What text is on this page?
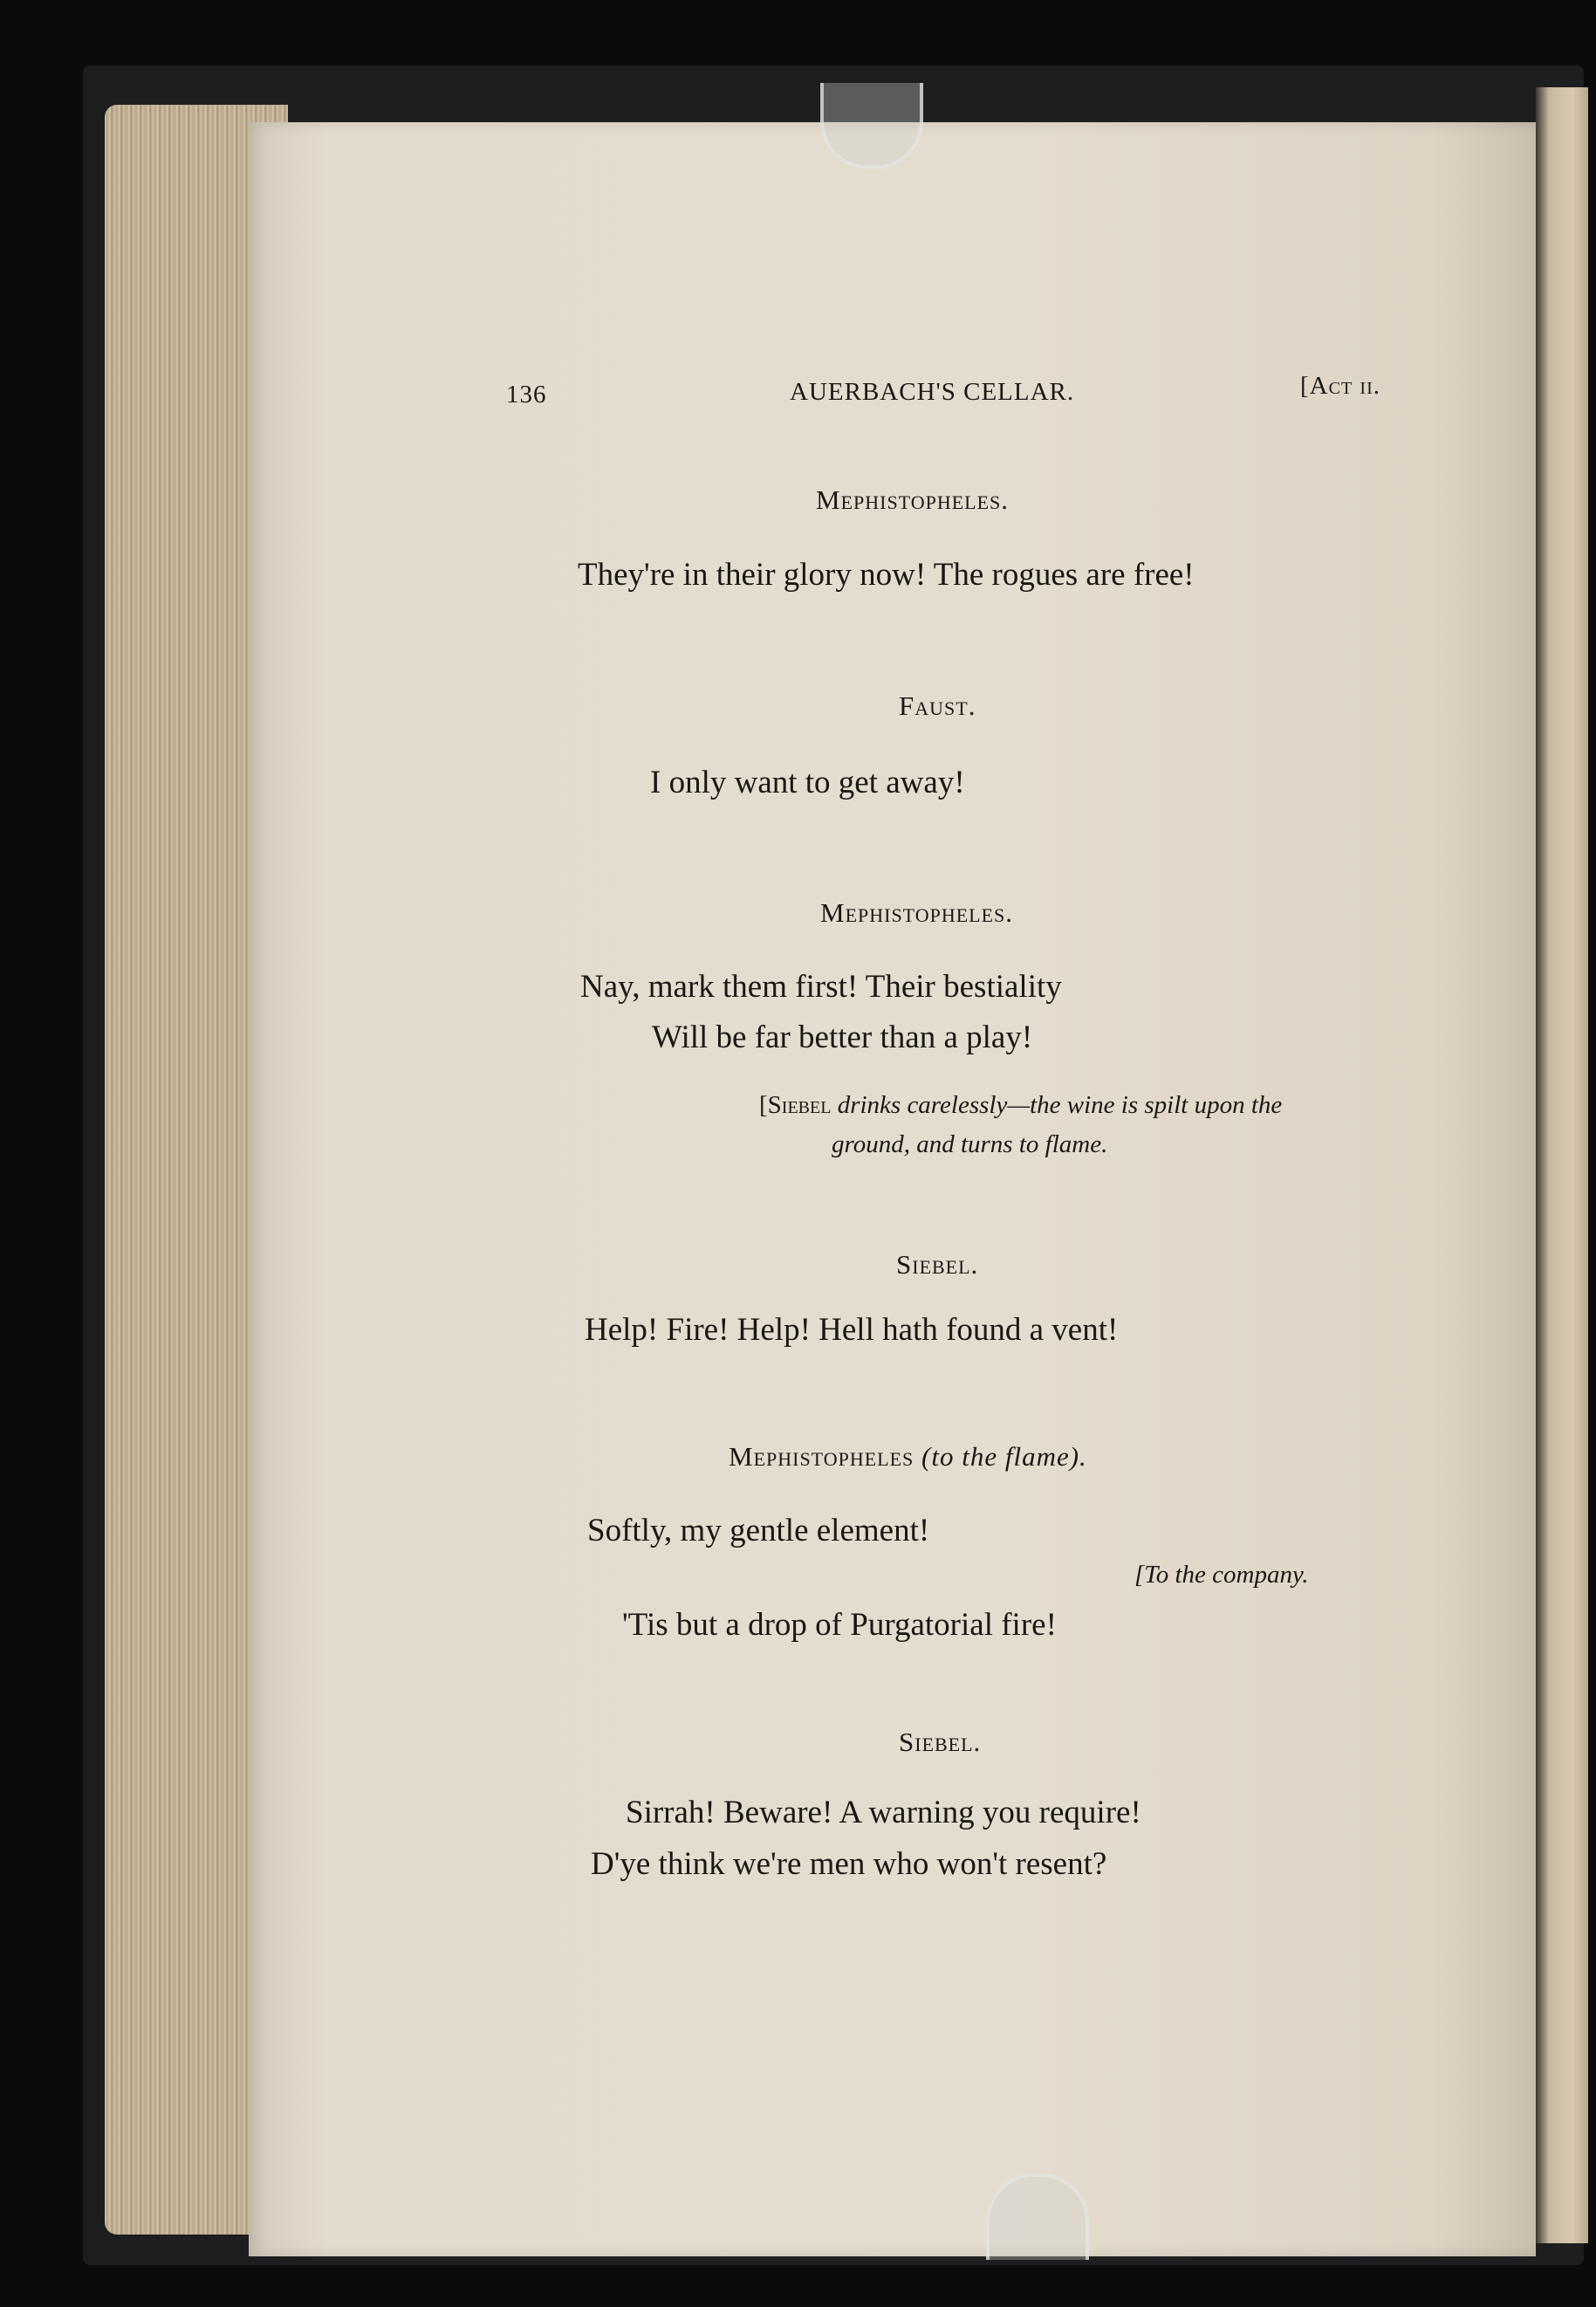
136	AUERBACH'S CELLAR.	[Act ii.
Mephistopheles.
They're in their glory now! The rogues are free!
Faust.
I only want to get away!
Mephistopheles.
Nay, mark them first! Their bestiality
Will be far better than a play!
[Siebel drinks carelessly—the wine is spilt upon the
ground, and turns to flame.
Siebel.
Help! Fire! Help! Hell hath found a vent!
Mephistopheles (to the flame).
Softly, my gentle element!
[To the company.
'Tis but a drop of Purgatorial fire!
Siebel.
Sirrah! Beware! A warning you require!
D'ye think we're men who won't resent?
